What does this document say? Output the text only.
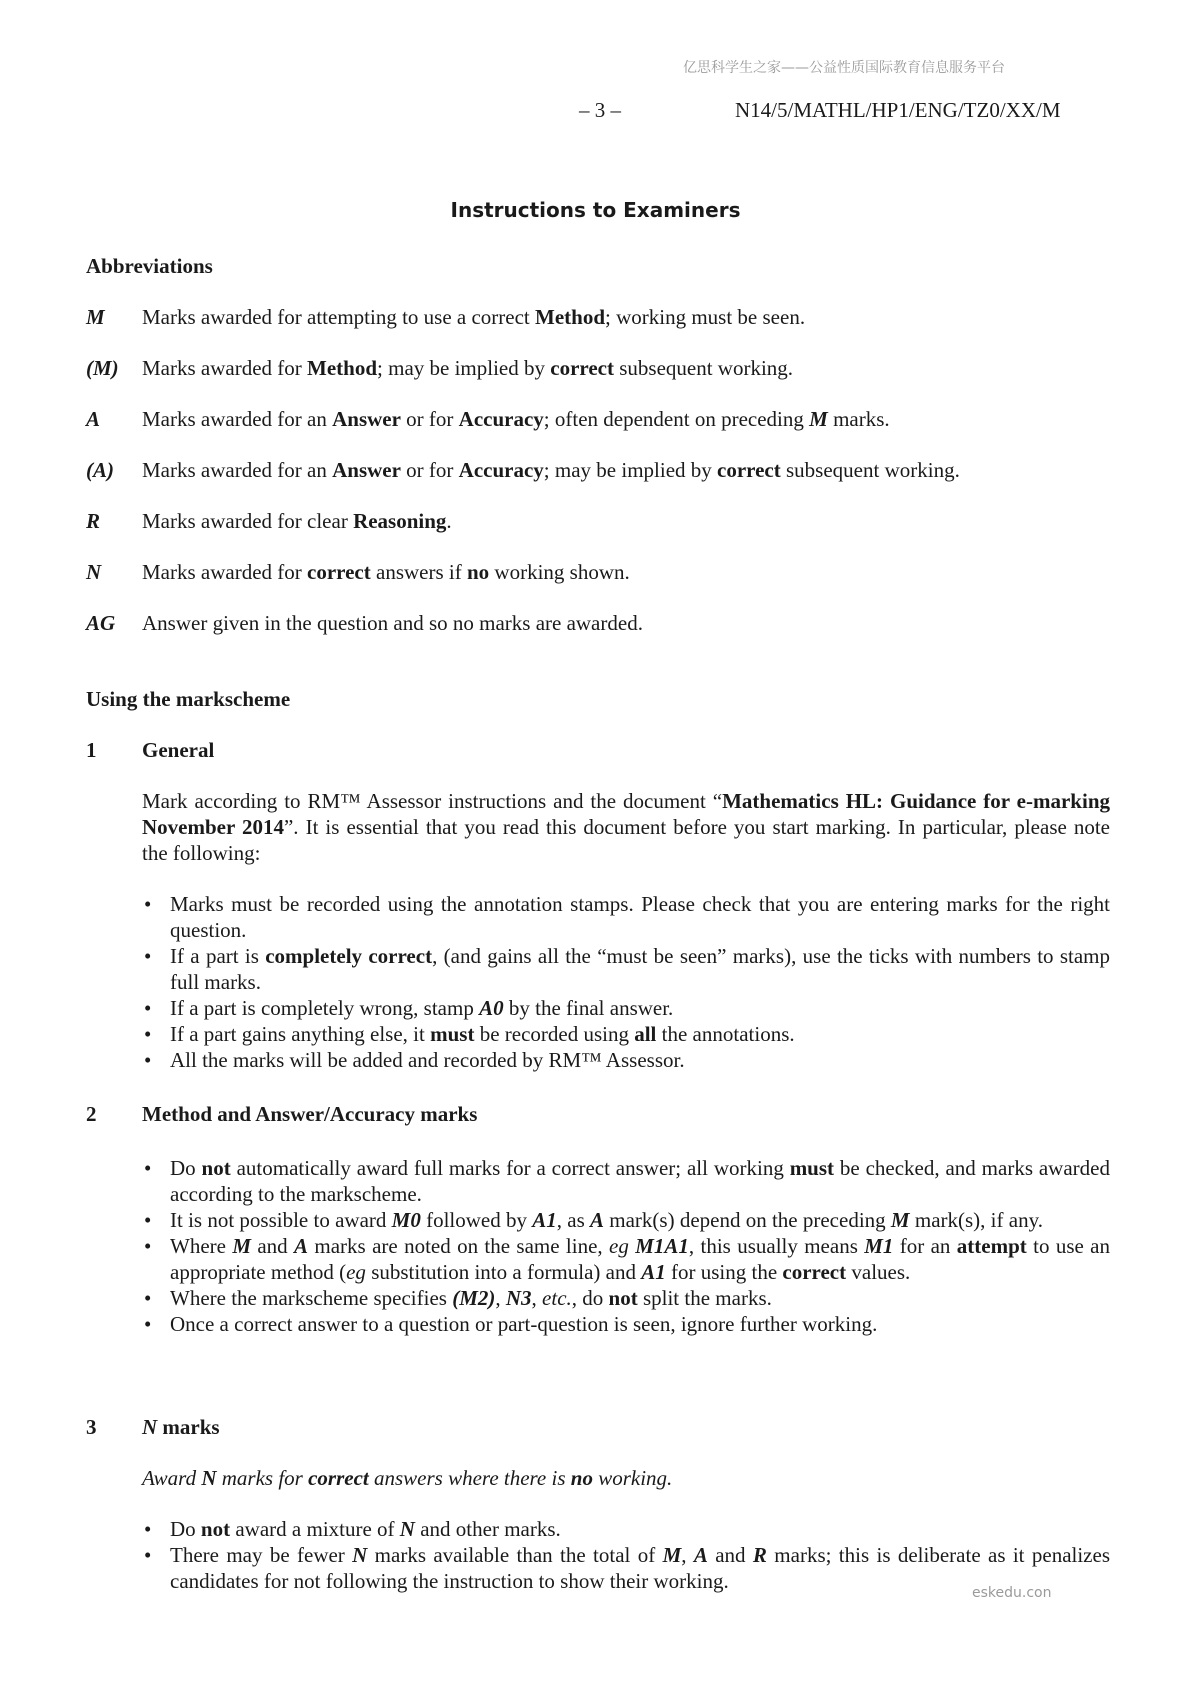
亿思科学生之家——公益性质国际教育信息服务平台
– 3 –	N14/5/MATHL/HP1/ENG/TZ0/XX/M
Instructions to Examiners
Abbreviations
M Marks awarded for attempting to use a correct Method; working must be seen.
(M) Marks awarded for Method; may be implied by correct subsequent working.
A Marks awarded for an Answer or for Accuracy; often dependent on preceding M marks.
(A) Marks awarded for an Answer or for Accuracy; may be implied by correct subsequent working.
R Marks awarded for clear Reasoning.
N Marks awarded for correct answers if no working shown.
AG Answer given in the question and so no marks are awarded.
Using the markscheme
1 General
Mark according to RM™ Assessor instructions and the document “Mathematics HL: Guidance for e-marking November 2014”. It is essential that you read this document before you start marking. In particular, please note the following:
• Marks must be recorded using the annotation stamps. Please check that you are entering marks for the right question.
• If a part is completely correct, (and gains all the “must be seen” marks), use the ticks with numbers to stamp full marks.
• If a part is completely wrong, stamp A0 by the final answer.
• If a part gains anything else, it must be recorded using all the annotations.
• All the marks will be added and recorded by RM™ Assessor.
2 Method and Answer/Accuracy marks
• Do not automatically award full marks for a correct answer; all working must be checked, and marks awarded according to the markscheme.
• It is not possible to award M0 followed by A1, as A mark(s) depend on the preceding M mark(s), if any.
• Where M and A marks are noted on the same line, eg M1A1, this usually means M1 for an attempt to use an appropriate method (eg substitution into a formula) and A1 for using the correct values.
• Where the markscheme specifies (M2), N3, etc., do not split the marks.
• Once a correct answer to a question or part-question is seen, ignore further working.
3 N marks
Award N marks for correct answers where there is no working.
• Do not award a mixture of N and other marks.
• There may be fewer N marks available than the total of M, A and R marks; this is deliberate as it penalizes candidates for not following the instruction to show their working.	eskedu.con
